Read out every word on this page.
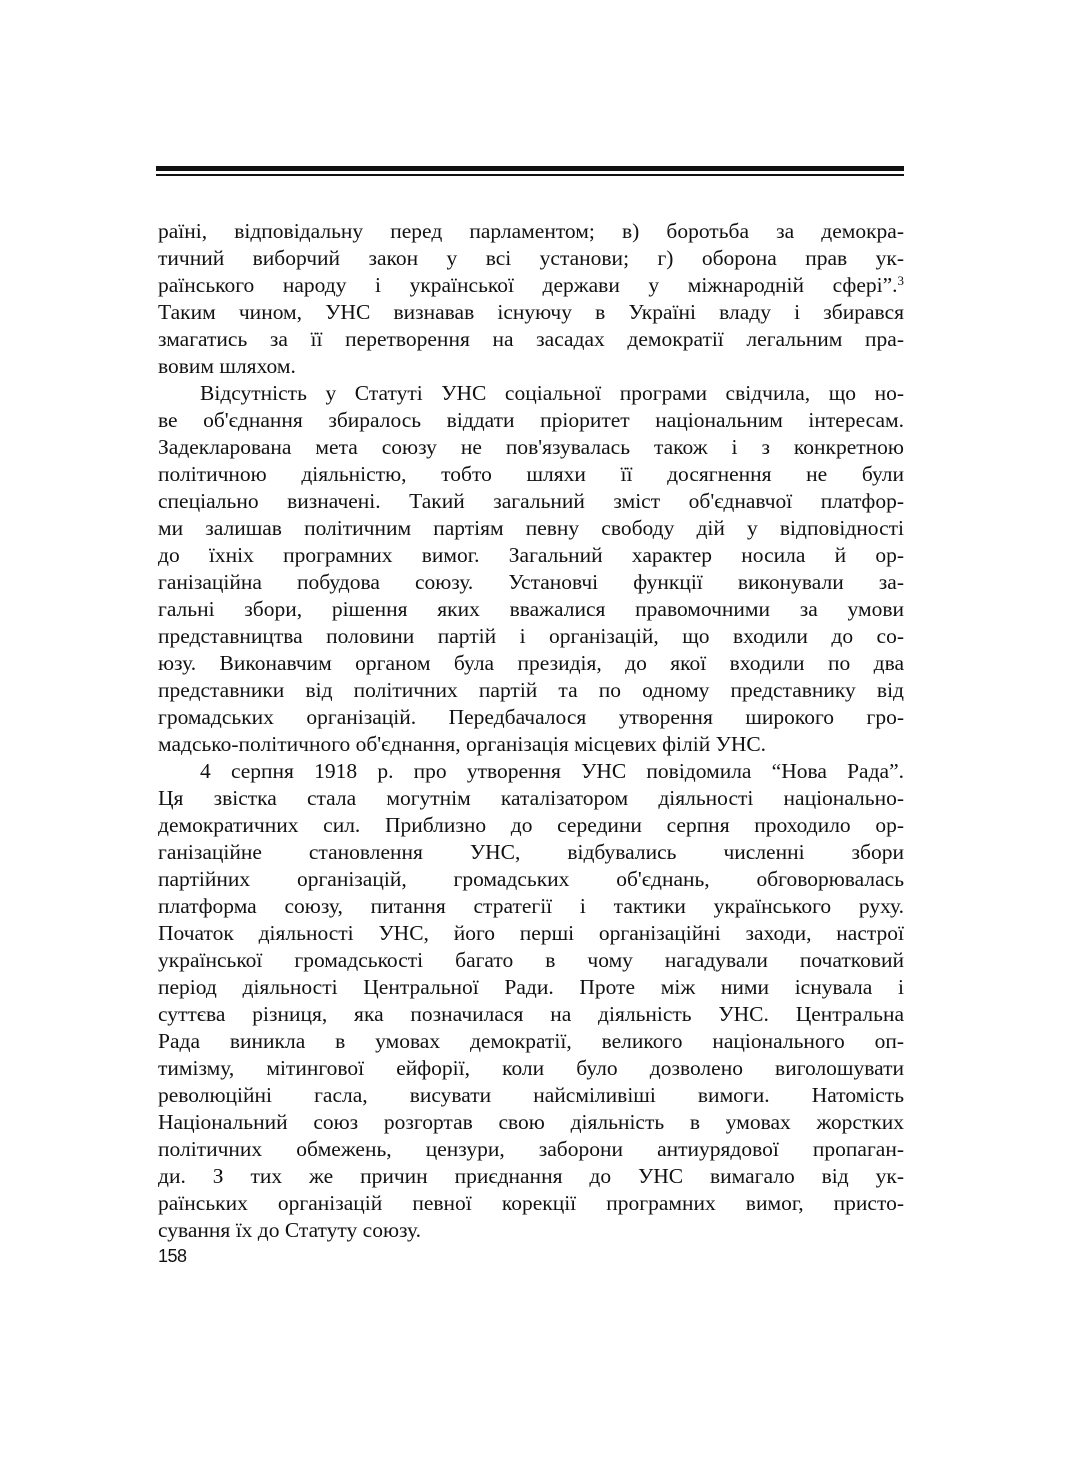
раїні, відповідальну перед парламентом; в) боротьба за демокра-
тичний виборчий закон у всі установи; г) оборона прав ук-
раїнського народу і української держави у міжнародній сфері”.$^3$
Таким чином, УНС визнавав існуючу в Україні владу і збирався
змагатись за її перетворення на засадах демократії легальним пра-
вовим шляхом.
Відсутність у Статуті УНС соціальної програми свідчила, що но-
ве об'єднання збиралось віддати пріоритет національним інтересам.
Задекларована мета союзу не пов'язувалась також і з конкретною
політичною діяльністю, тобто шляхи її досягнення не були
спеціально визначені. Такий загальний зміст об'єднавчої платфор-
ми залишав політичним партіям певну свободу дій у відповідності
до їхніх програмних вимог. Загальний характер носила й ор-
ганізаційна побудова союзу. Установчі функції виконували за-
гальні збори, рішення яких вважалися правомочними за умови
представництва половини партій і організацій, що входили до со-
юзу. Виконавчим органом була президія, до якої входили по два
представники від політичних партій та по одному представнику від
громадських організацій. Передбачалося утворення широкого гро-
мадсько-політичного об'єднання, організація місцевих філій УНС.
4 серпня 1918 р. про утворення УНС повідомила “Нова Рада”.
Ця звістка стала могутнім каталізатором діяльності національно-
демократичних сил. Приблизно до середини серпня проходило ор-
ганізаційне становлення УНС, відбувались численні збори
партійних організацій, громадських об'єднань, обговорювалась
платформа союзу, питання стратегії і тактики українського руху.
Початок діяльності УНС, його перші організаційні заходи, настрої
української громадськості багато в чому нагадували початковий
період діяльності Центральної Ради. Проте між ними існувала і
суттєва різниця, яка позначилася на діяльність УНС. Центральна
Рада виникла в умовах демократії, великого національного оп-
тимізму, мітингової ейфорії, коли було дозволено виголошувати
революційні гасла, висувати найсміливіші вимоги. Натомість
Національний союз розгортав свою діяльність в умовах жорстких
політичних обмежень, цензури, заборони антиурядової пропаган-
ди. З тих же причин приєднання до УНС вимагало від ук-
раїнських організацій певної корекції програмних вимог, присто-
сування їх до Статуту союзу.
158
